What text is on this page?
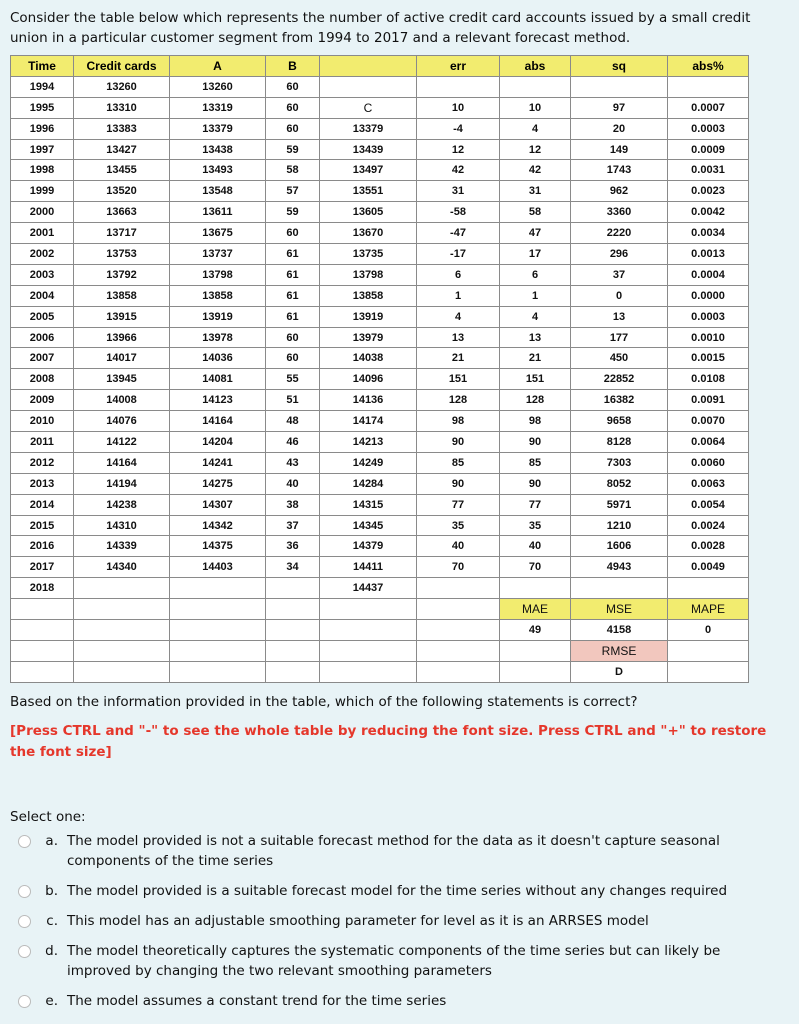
Consider the table below which represents the number of active credit card accounts issued by a small credit union in a particular customer segment from 1994 to 2017 and a relevant forecast method.
Time	Credit cards	A	B		err	abs	sq	abs%
1994	13260	13260	60					
1995	13310	13319	60	C	10	10	97	0.0007
1996	13383	13379	60	13379	-4	4	20	0.0003
1997	13427	13438	59	13439	12	12	149	0.0009
1998	13455	13493	58	13497	42	42	1743	0.0031
1999	13520	13548	57	13551	31	31	962	0.0023
2000	13663	13611	59	13605	-58	58	3360	0.0042
2001	13717	13675	60	13670	-47	47	2220	0.0034
2002	13753	13737	61	13735	-17	17	296	0.0013
2003	13792	13798	61	13798	6	6	37	0.0004
2004	13858	13858	61	13858	1	1	0	0.0000
2005	13915	13919	61	13919	4	4	13	0.0003
2006	13966	13978	60	13979	13	13	177	0.0010
2007	14017	14036	60	14038	21	21	450	0.0015
2008	13945	14081	55	14096	151	151	22852	0.0108
2009	14008	14123	51	14136	128	128	16382	0.0091
2010	14076	14164	48	14174	98	98	9658	0.0070
2011	14122	14204	46	14213	90	90	8128	0.0064
2012	14164	14241	43	14249	85	85	7303	0.0060
2013	14194	14275	40	14284	90	90	8052	0.0063
2014	14238	14307	38	14315	77	77	5971	0.0054
2015	14310	14342	37	14345	35	35	1210	0.0024
2016	14339	14375	36	14379	40	40	1606	0.0028
2017	14340	14403	34	14411	70	70	4943	0.0049
2018				14437				
						MAE	MSE	MAPE
						49	4158	0
							RMSE	
							D	
Based on the information provided in the table, which of the following statements is correct?
[Press CTRL and "-" to see the whole table by reducing the font size. Press CTRL and "+" to restore the font size]
Select one:
a. The model provided is not a suitable forecast method for the data as it doesn't capture seasonal components of the time series
b. The model provided is a suitable forecast model for the time series without any changes required
c. This model has an adjustable smoothing parameter for level as it is an ARRSES model
d. The model theoretically captures the systematic components of the time series but can likely be improved by changing the two relevant smoothing parameters
e. The model assumes a constant trend for the time series
